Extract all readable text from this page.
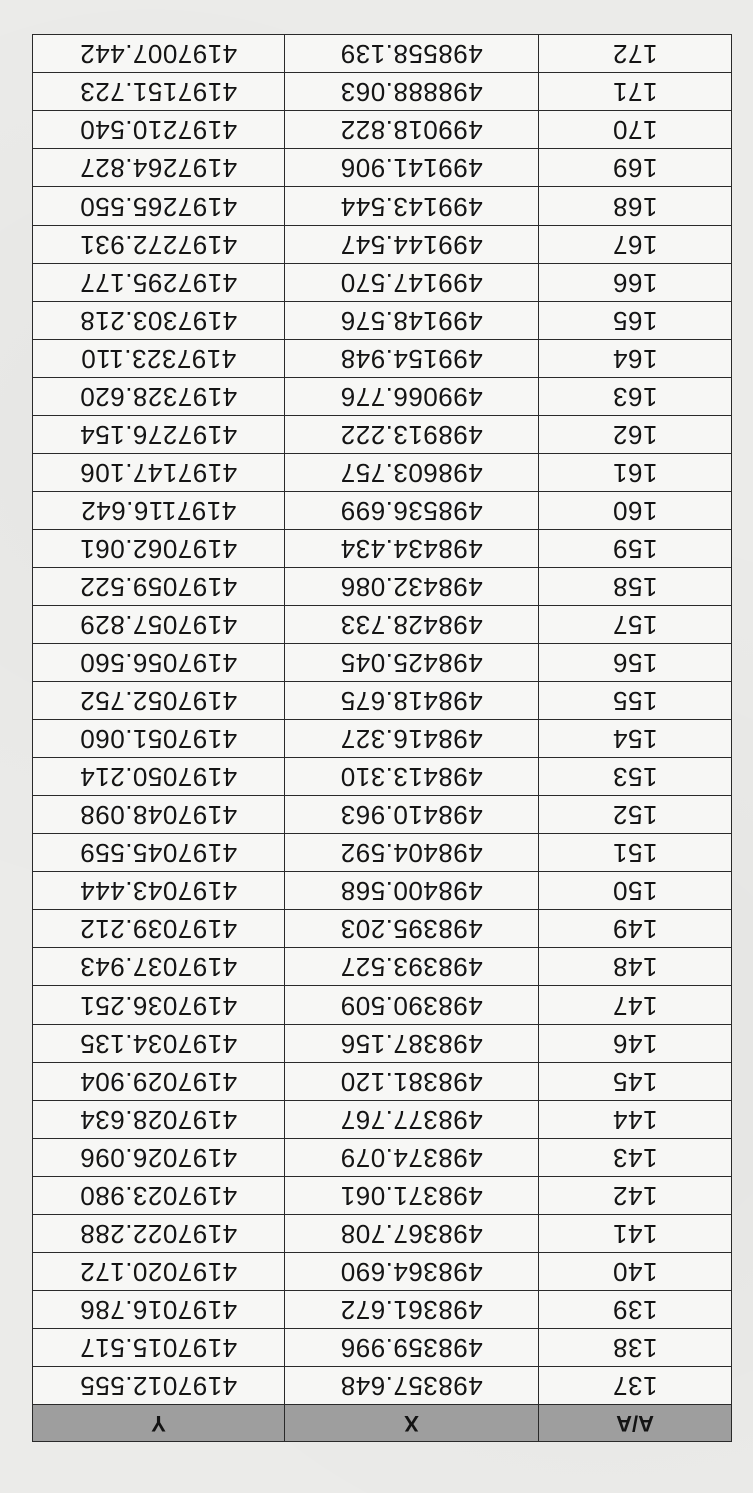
A/A	X	Y
137	498357.648	4197012.555
138	498359.996	4197015.517
139	498361.672	4197016.786
140	498364.690	4197020.172
141	498367.708	4197022.288
142	498371.061	4197023.980
143	498374.079	4197026.096
144	498377.767	4197028.634
145	498381.120	4197029.904
146	498387.156	4197034.135
147	498390.509	4197036.251
148	498393.527	4197037.943
149	498395.203	4197039.212
150	498400.568	4197043.444
151	498404.592	4197045.559
152	498410.963	4197048.098
153	498413.310	4197050.214
154	498416.327	4197051.060
155	498418.675	4197052.752
156	498425.045	4197056.560
157	498428.733	4197057.829
158	498432.086	4197059.522
159	498434.434	4197062.061
160	498536.699	4197116.642
161	498603.757	4197147.106
162	498913.222	4197276.154
163	499066.776	4197328.620
164	499154.948	4197323.110
165	499148.576	4197303.218
166	499147.570	4197295.177
167	499144.547	4197272.931
168	499143.544	4197265.550
169	499141.906	4197264.827
170	499018.822	4197210.540
171	498888.063	4197151.723
172	498558.139	4197007.442
